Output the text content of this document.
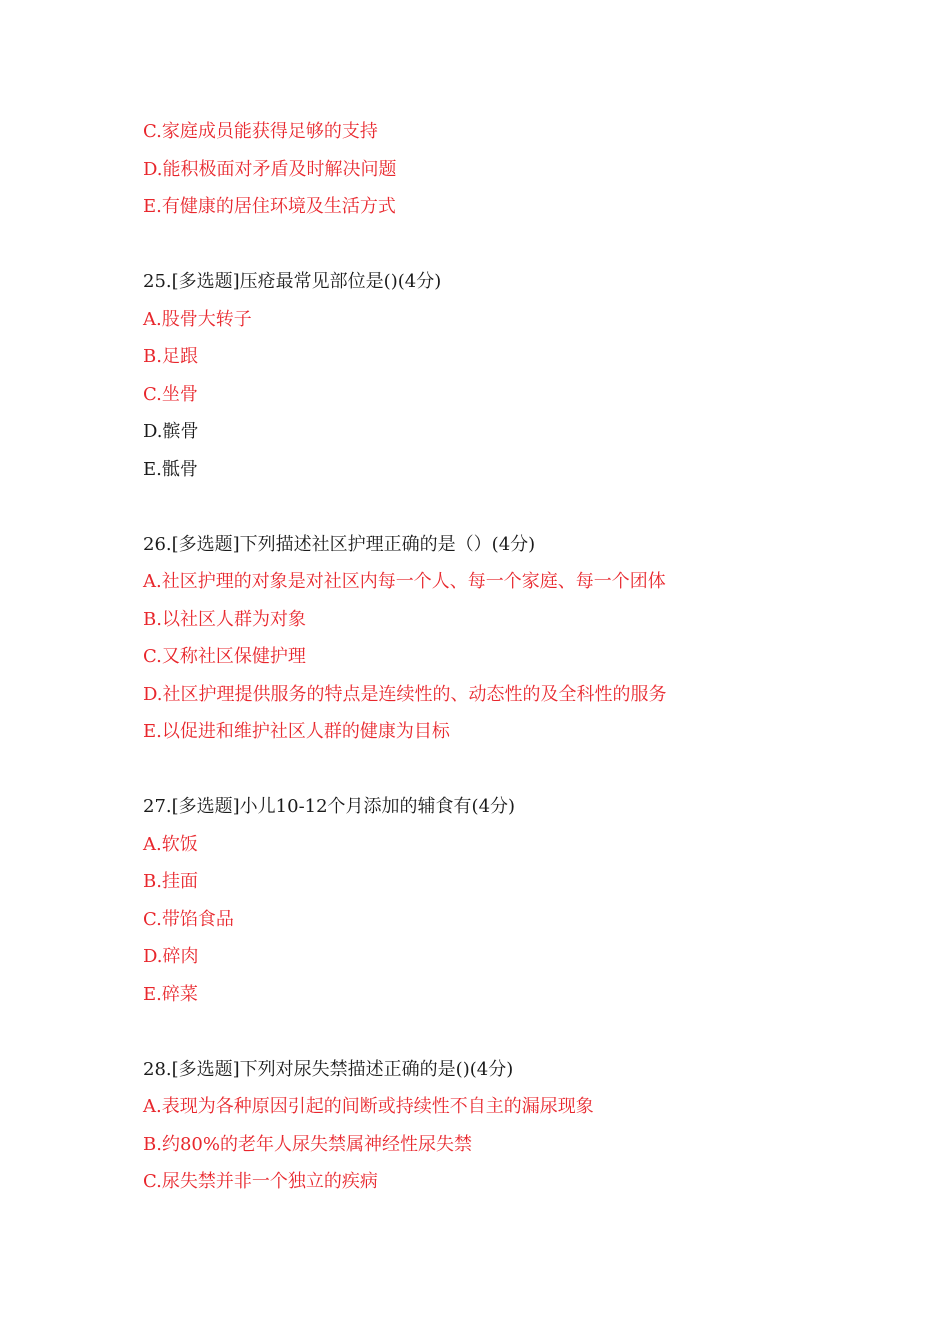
C.家庭成员能获得足够的支持
D.能积极面对矛盾及时解决问题
E.有健康的居住环境及生活方式
25.[多选题]压疮最常见部位是()(4分)
A.股骨大转子
B.足跟
C.坐骨
D.髌骨
E.骶骨
26.[多选题]下列描述社区护理正确的是（）(4分)
A.社区护理的对象是对社区内每一个人、每一个家庭、每一个团体
B.以社区人群为对象
C.又称社区保健护理
D.社区护理提供服务的特点是连续性的、动态性的及全科性的服务
E.以促进和维护社区人群的健康为目标
27.[多选题]小儿10-12个月添加的辅食有(4分)
A.软饭
B.挂面
C.带馅食品
D.碎肉
E.碎菜
28.[多选题]下列对尿失禁描述正确的是()(4分)
A.表现为各种原因引起的间断或持续性不自主的漏尿现象
B.约80%的老年人尿失禁属神经性尿失禁
C.尿失禁并非一个独立的疾病
